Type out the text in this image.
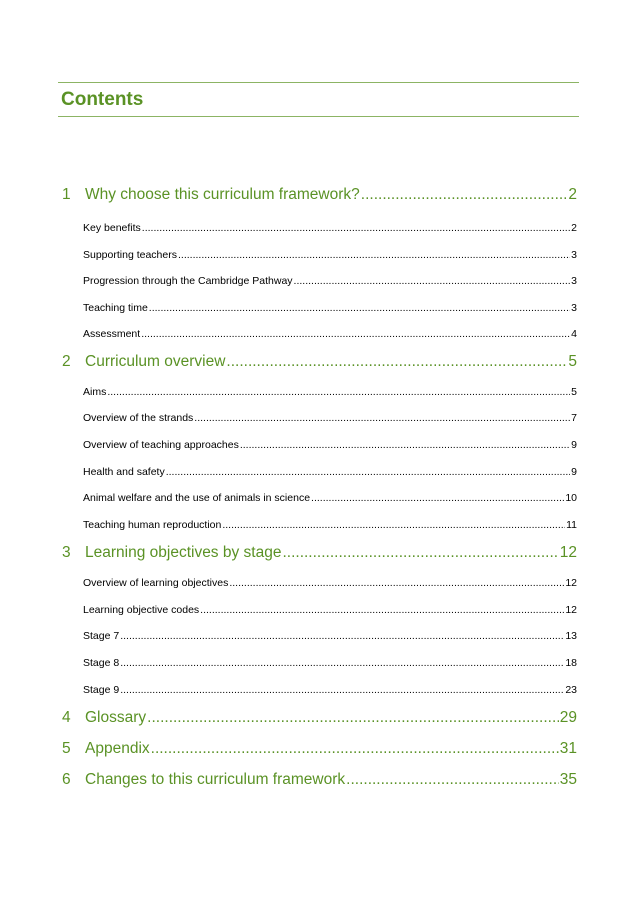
Contents
1 Why choose this curriculum framework? .....	2
Key benefits .....	2
Supporting teachers .....	3
Progression through the Cambridge Pathway .....	3
Teaching time .....	3
Assessment .....	4
2 Curriculum overview .....	5
Aims .....	5
Overview of the strands .....	7
Overview of teaching approaches .....	9
Health and safety .....	9
Animal welfare and the use of animals in science .....	10
Teaching human reproduction .....	11
3 Learning objectives by stage .....	12
Overview of learning objectives .....	12
Learning objective codes .....	12
Stage 7 .....	13
Stage 8 .....	18
Stage 9 .....	23
4 Glossary .....	29
5 Appendix .....	31
6 Changes to this curriculum framework .....	35
